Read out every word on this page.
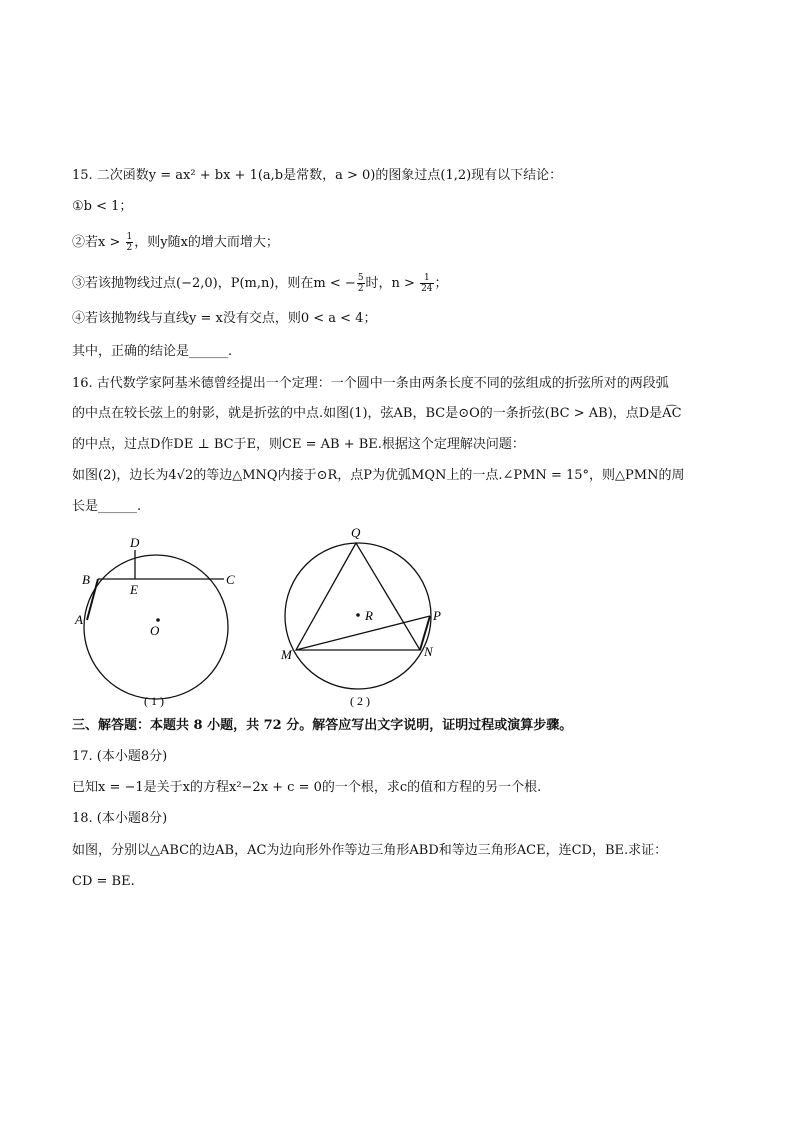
15. 二次函数y = ax² + bx + 1(a,b是常数，a > 0)的图象过点(1,2)现有以下结论：
①b < 1；
②若$x > \frac{1}{2}$ ，则y随x的增大而增大；
③若该抛物线过点(−2,0)，P(m,n)，则在m < − $\frac{5}{2}$ 时，$n > \frac{1}{24}$ ；
④若该抛物线与直线y = x没有交点，则0 < a < 4；
其中，正确的结论是______.
16. 古代数学家阿基米德曾经提出一个定理：一个圆中一条由两条长度不同的弦组成的折弦所对的两段弧
的中点在较长弦上的射影，就是折弦的中点.如图(1)，弦AB，BC是⊙O的一条折弦(BC > AB)，点D是A͡C
的中点，过点D作DE ⊥ BC于E，则CE = AB + BE.根据这个定理解决问题：
如图(2)，边长为4√2的等边△MNQ内接于⊙R，点P为优弧MQN上的一点.∠PMN = 15°，则△PMN的周
长是______.
D
B	C
E
A
O
( 1 )
Q
R	P
M	N
( 2 )
三、解答题：本题共 8 小题，共 72 分。解答应写出文字说明，证明过程或演算步骤。
17. (本小题8分)
已知x = −1是关于x的方程x²−2x + c = 0的一个根，求c的值和方程的另一个根.
18. (本小题8分)
如图，分别以△ABC的边AB，AC为边向形外作等边三角形ABD和等边三角形ACE，连CD，BE.求证：
CD = BE.
